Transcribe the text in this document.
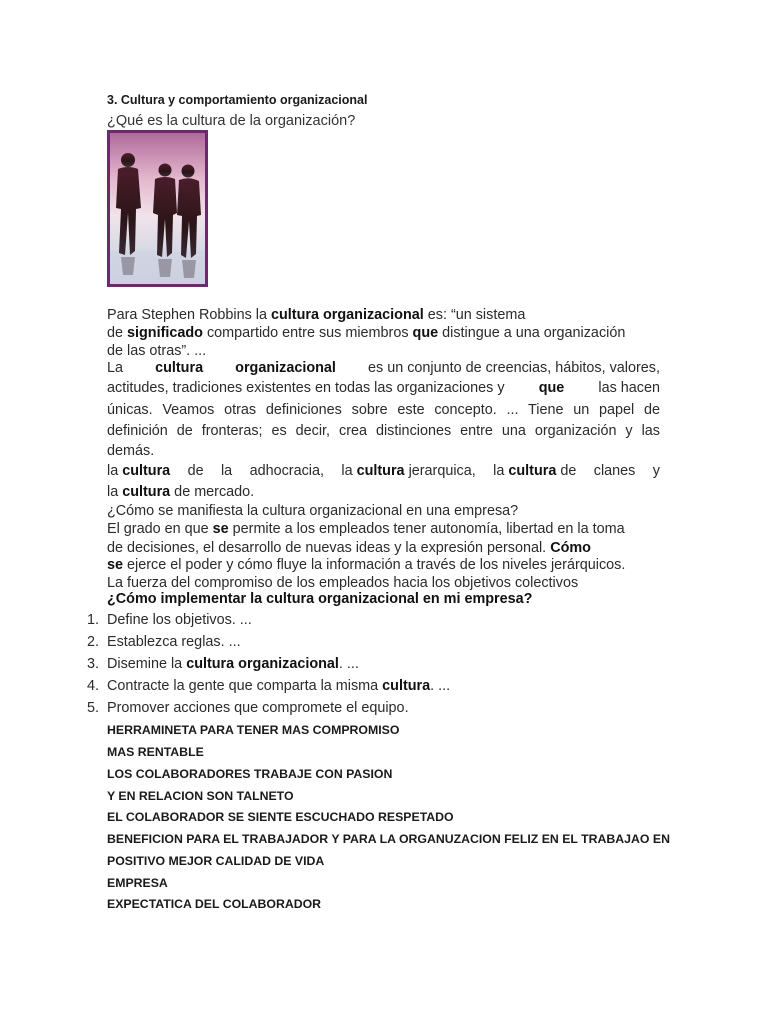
3. Cultura y comportamiento organizacional
¿Qué es la cultura de la organización?
Para Stephen Robbins la cultura organizacional es: “un sistema
de significado compartido entre sus miembros que distingue a una organización
de las otras”. ...
La cultura organizacional es un conjunto de creencias, hábitos, valores,
actitudes, tradiciones existentes en todas las organizaciones y que las hacen
únicas. Veamos otras definiciones sobre este concepto. ... Tiene un papel de
definición de fronteras; es decir, crea distinciones entre una organización y las
demás.
la cultura de la adhocracia, la cultura jerarquica, la cultura de clanes y
la cultura de mercado.
¿Cómo se manifiesta la cultura organizacional en una empresa?
El grado en que se permite a los empleados tener autonomía, libertad en la toma
de decisiones, el desarrollo de nuevas ideas y la expresión personal. Cómo
se ejerce el poder y cómo fluye la información a través de los niveles jerárquicos.
La fuerza del compromiso de los empleados hacia los objetivos colectivos
¿Cómo implementar la cultura organizacional en mi empresa?
1. Define los objetivos. ...
2. Establezca reglas. ...
3. Disemine la cultura organizacional. ...
4. Contracte la gente que comparta la misma cultura. ...
5. Promover acciones que compromete el equipo.
HERRAMINETA PARA TENER MAS COMPROMISO
MAS RENTABLE
LOS COLABORADORES TRABAJE CON PASION
Y EN RELACION SON TALNETO
EL COLABORADOR SE SIENTE ESCUCHADO RESPETADO
BENEFICION PARA EL TRABAJADOR Y PARA LA ORGANUZACION FELIZ EN EL TRABAJAO EN
POSITIVO MEJOR CALIDAD DE VIDA
EMPRESA
EXPECTATICA DEL COLABORADOR
